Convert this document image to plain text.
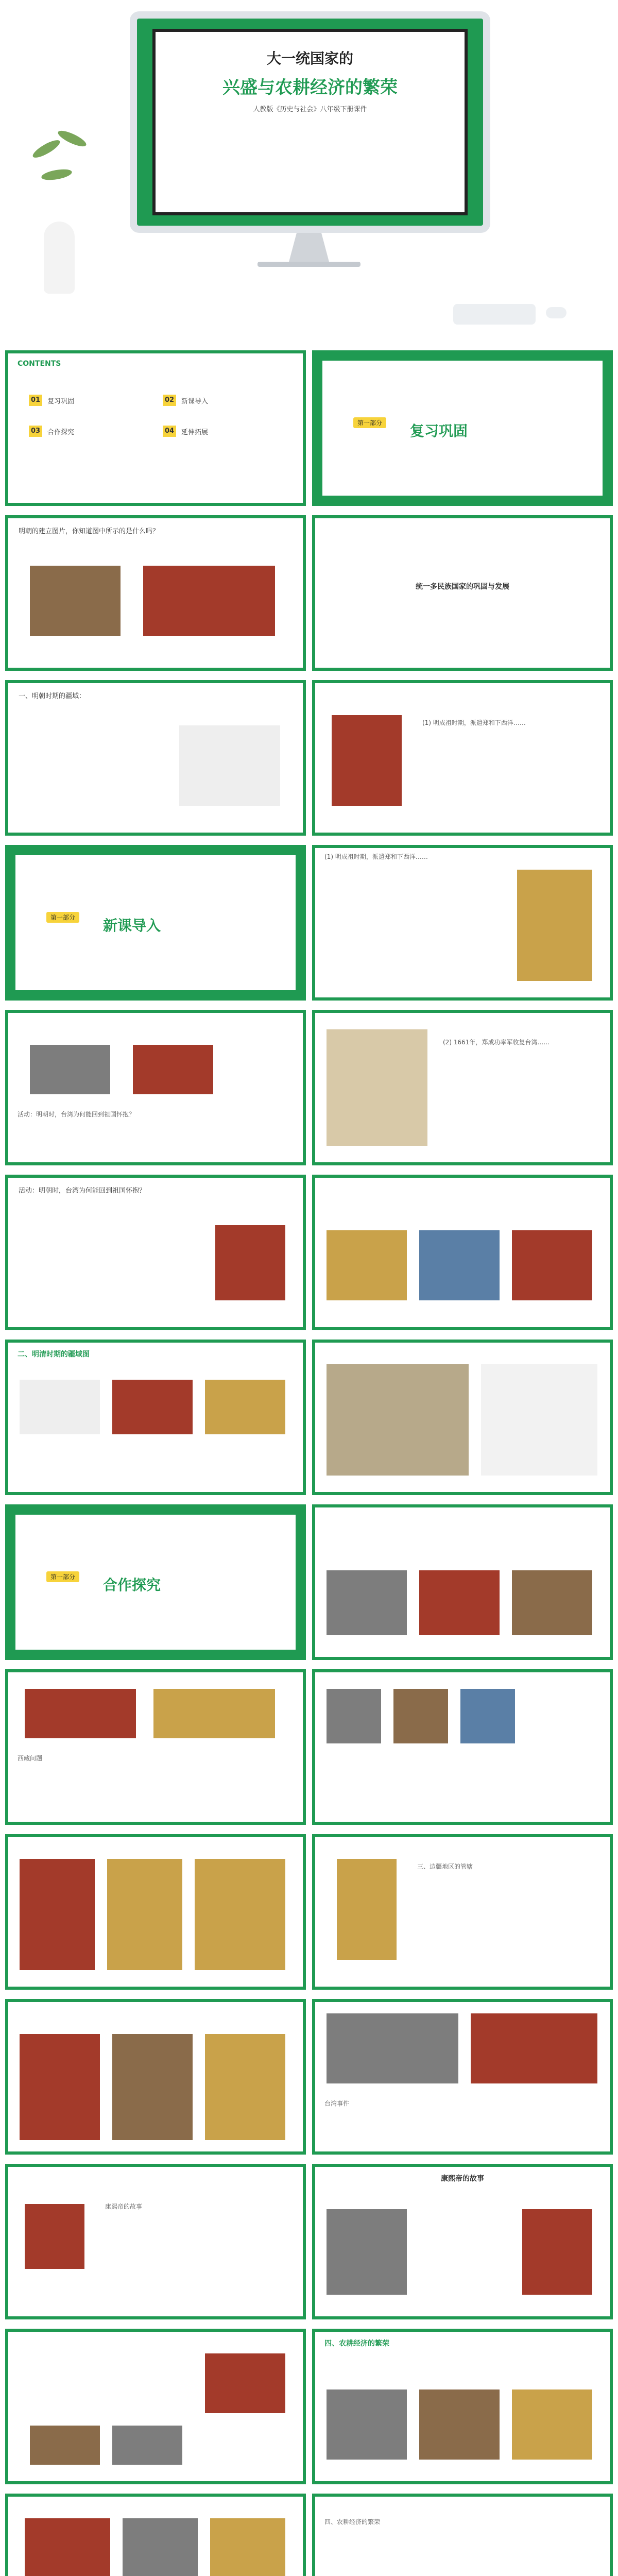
大一统国家的
兴盛与农耕经济的繁荣
人教版《历史与社会》八年级下册课件
CONTENTS
01	复习巩固	02	新课导入
03	合作探究	04	延伸拓展
第一部分 复习巩固
明朝的建立图片，你知道图中所示的是什么吗？
统一多民族国家的巩固与发展
一、明朝时期的疆域：
(1) 明成祖时期，派遣郑和下西洋……
第一部分 新课导入
(1) 明成祖时期，派遣郑和下西洋……
活动：明朝时，台湾为何能回到祖国怀抱？
(2) 1661年，郑成功率军收复台湾……
活动：明朝时，台湾为何能回到祖国怀抱？
二、明清时期的疆域图
第一部分 合作探究
西藏问题
三、边疆地区的管辖
台湾事件
康熙帝的故事
康熙帝的故事
四、农耕经济的繁荣
四、农耕经济的繁荣
